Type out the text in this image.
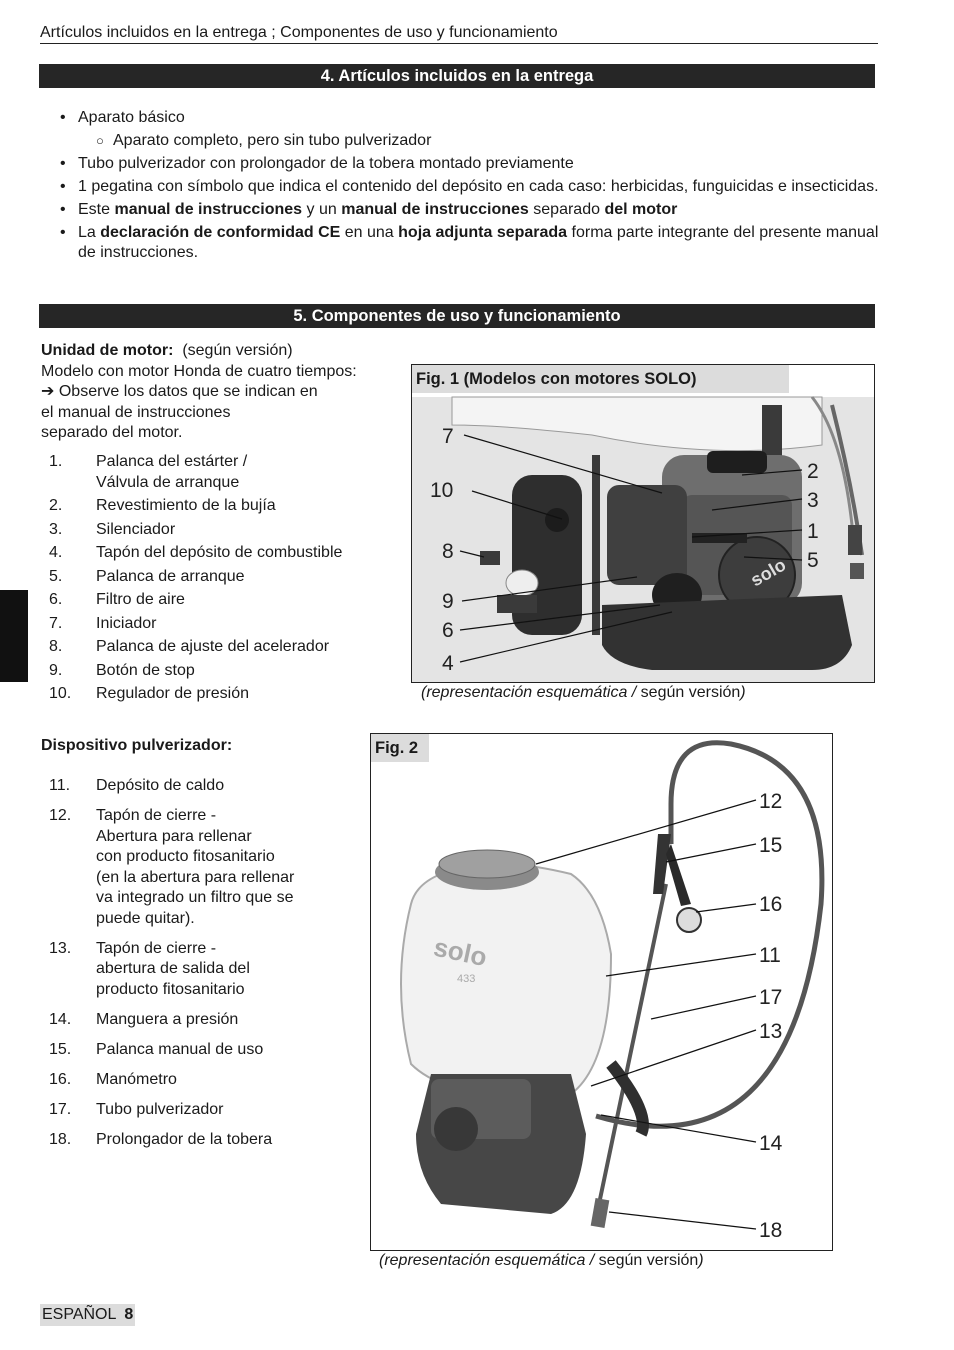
Artículos incluidos en la entrega ; Componentes de uso y funcionamiento
4. Artículos incluidos en la entrega
• Aparato básico
○ Aparato completo, pero sin tubo pulverizador
• Tubo pulverizador con prolongador de la tobera montado previamente
• 1 pegatina con símbolo que indica el contenido del depósito en cada caso: herbicidas, funguicidas e insecticidas.
• Este manual de instrucciones y un manual de instrucciones separado del motor
• La declaración de conformidad CE en una hoja adjunta separada forma parte integrante del presente manual de instrucciones.
5. Componentes de uso y funcionamiento
Unidad de motor: (según versión)
Modelo con motor Honda de cuatro tiempos:
➔ Observe los datos que se indican en
el manual de instrucciones
separado del motor.
1.	Palanca del estárter /
Válvula de arranque
2.	Revestimiento de la bujía
3.	Silenciador
4.	Tapón del depósito de combustible
5.	Palanca de arranque
6.	Filtro de aire
7.	Iniciador
8.	Palanca de ajuste del acelerador
9.	Botón de stop
10.	Regulador de presión
Fig. 1 (Modelos con motores SOLO)
solo
7
10
8
9
6
4
2
3
1
5
(representación esquemática / según versión)
Dispositivo pulverizador:
11.	Depósito de caldo
12.	Tapón de cierre -
Abertura para rellenar
con producto fitosanitario
(en la abertura para rellenar
va integrado un filtro que se
puede quitar).
13.	Tapón de cierre -
abertura de salida del
producto fitosanitario
14.	Manguera a presión
15.	Palanca manual de uso
16.	Manómetro
17.	Tubo pulverizador
18.	Prolongador de la tobera
Fig. 2
solo
433
12
15
16
11
17
13
14
18
(representación esquemática / según versión)
ESPAÑOL 8
